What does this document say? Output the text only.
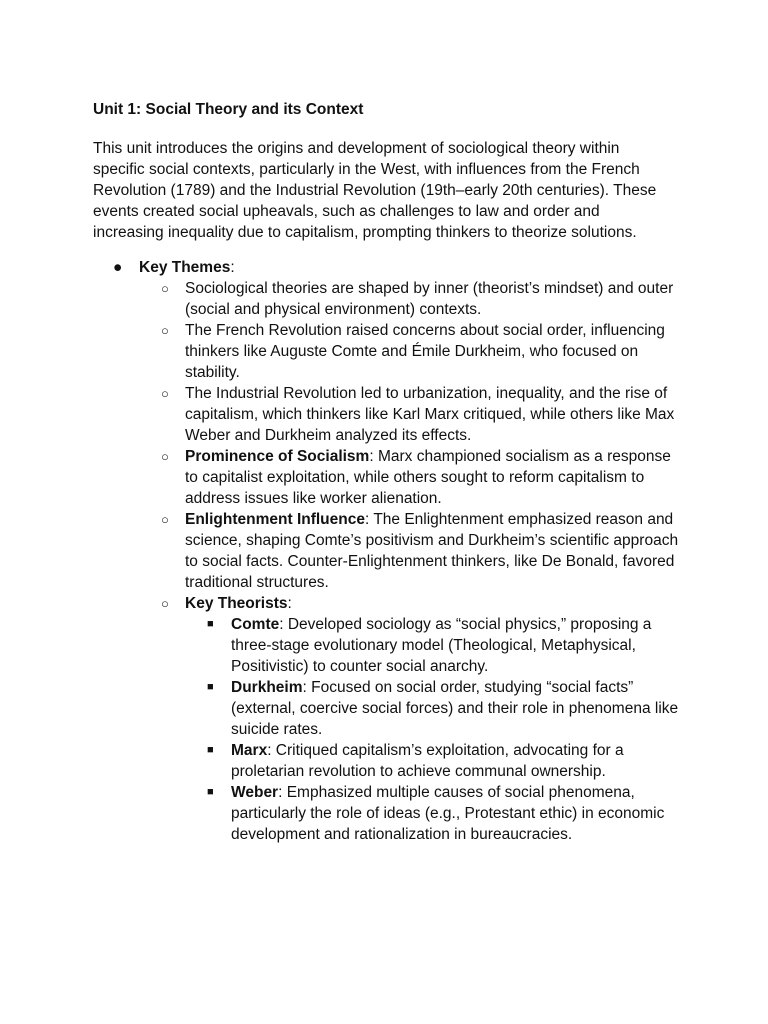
Unit 1: Social Theory and its Context

This unit introduces the origins and development of sociological theory within specific social contexts, particularly in the West, with influences from the French Revolution (1789) and the Industrial Revolution (19th–early 20th centuries). These events created social upheavals, such as challenges to law and order and increasing inequality due to capitalism, prompting thinkers to theorize solutions.

● Key Themes:
○ Sociological theories are shaped by inner (theorist’s mindset) and outer (social and physical environment) contexts.
○ The French Revolution raised concerns about social order, influencing thinkers like Auguste Comte and Émile Durkheim, who focused on stability.
○ The Industrial Revolution led to urbanization, inequality, and the rise of capitalism, which thinkers like Karl Marx critiqued, while others like Max Weber and Durkheim analyzed its effects.
○ Prominence of Socialism: Marx championed socialism as a response to capitalist exploitation, while others sought to reform capitalism to address issues like worker alienation.
○ Enlightenment Influence: The Enlightenment emphasized reason and science, shaping Comte’s positivism and Durkheim’s scientific approach to social facts. Counter-Enlightenment thinkers, like De Bonald, favored traditional structures.
○ Key Theorists:
■ Comte: Developed sociology as “social physics,” proposing a three-stage evolutionary model (Theological, Metaphysical, Positivistic) to counter social anarchy.
■ Durkheim: Focused on social order, studying “social facts” (external, coercive social forces) and their role in phenomena like suicide rates.
■ Marx: Critiqued capitalism’s exploitation, advocating for a proletarian revolution to achieve communal ownership.
■ Weber: Emphasized multiple causes of social phenomena, particularly the role of ideas (e.g., Protestant ethic) in economic development and rationalization in bureaucracies.
